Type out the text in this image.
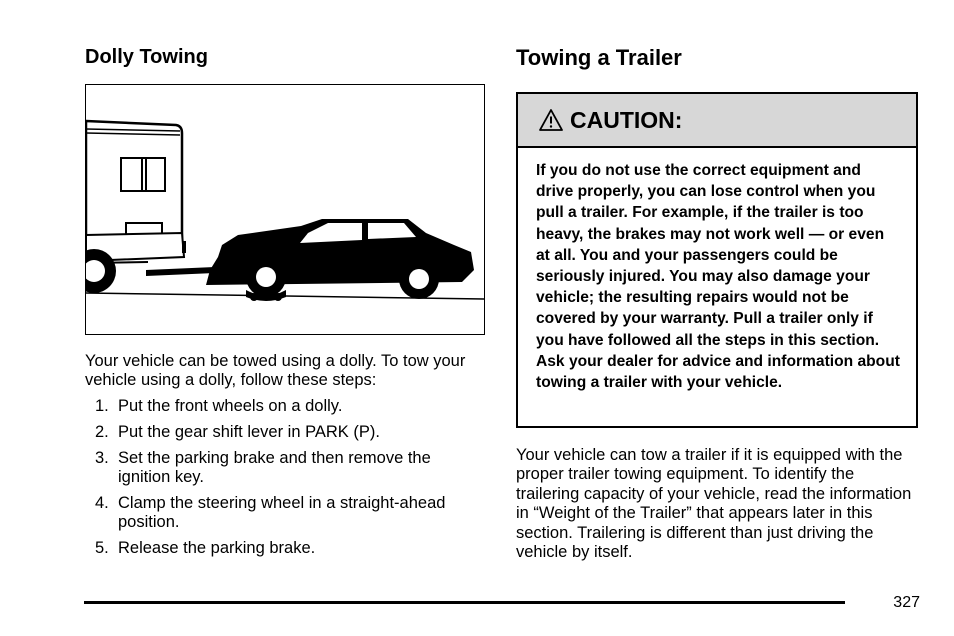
Dolly Towing

Your vehicle can be towed using a dolly. To tow your vehicle using a dolly, follow these steps:

1. Put the front wheels on a dolly.
2. Put the gear shift lever in PARK (P).
3. Set the parking brake and then remove the ignition key.
4. Clamp the steering wheel in a straight-ahead position.
5. Release the parking brake.
Towing a Trailer
CAUTION:

If you do not use the correct equipment and drive properly, you can lose control when you pull a trailer. For example, if the trailer is too heavy, the brakes may not work well — or even at all. You and your passengers could be seriously injured. You may also damage your vehicle; the resulting repairs would not be covered by your warranty. Pull a trailer only if you have followed all the steps in this section. Ask your dealer for advice and information about towing a trailer with your vehicle.

Your vehicle can tow a trailer if it is equipped with the proper trailer towing equipment. To identify the trailering capacity of your vehicle, read the information in “Weight of the Trailer” that appears later in this section. Trailering is different than just driving the vehicle by itself.

327
